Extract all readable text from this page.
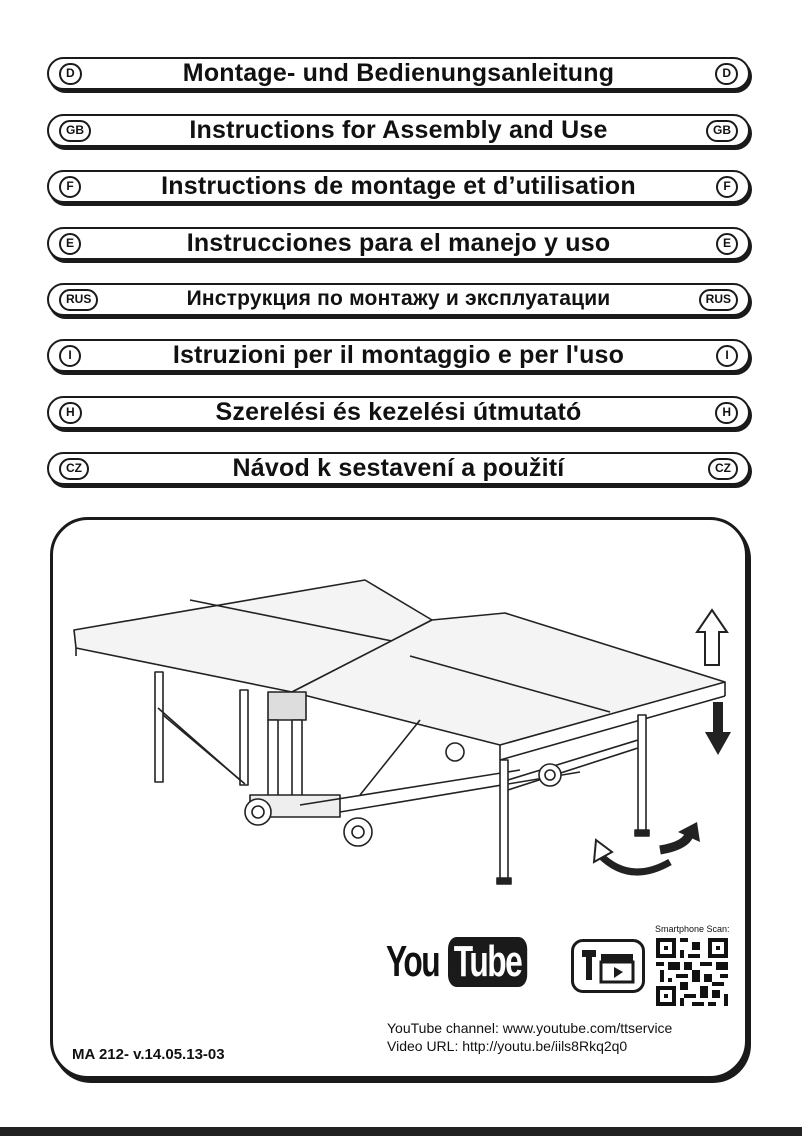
D	Montage- und Bedienungsanleitung	D
GB	Instructions for Assembly and Use	GB
F	Instructions de montage et d’utilisation	F
E	Instrucciones para el manejo y uso	E
RUS	Инструкция по монтажу и эксплуатации	RUS
I	Istruzioni per il montaggio e per l'uso	I
H	Szerelési és kezelési útmutató	H
CZ	Návod k sestavení a použití	CZ
You Tube
Smartphone Scan:
YouTube channel: www.youtube.com/ttservice
Video URL: http://youtu.be/iils8Rkq2q0
MA 212- v.14.05.13-03
